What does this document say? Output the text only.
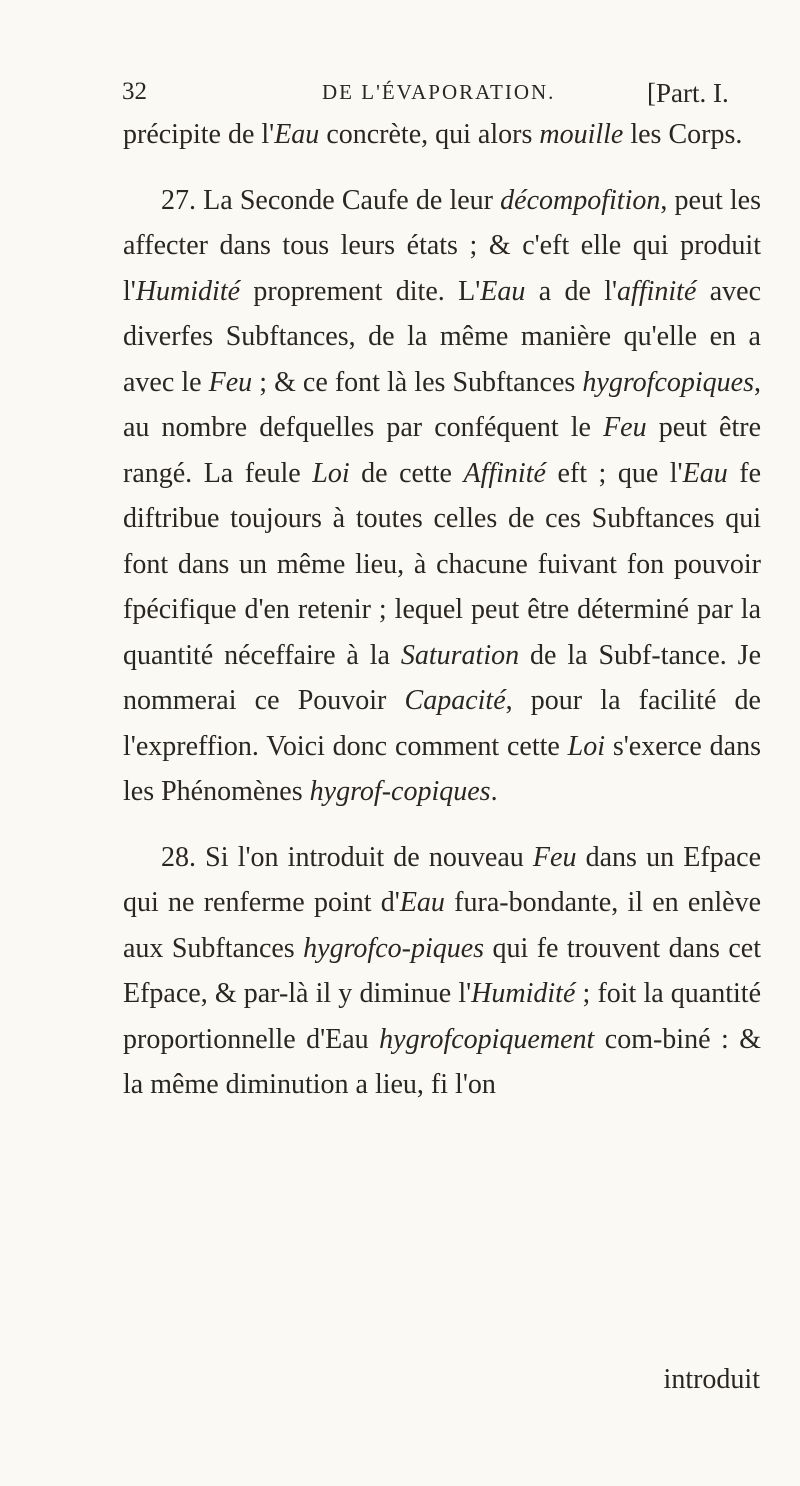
32	DE L'ÉVAPORATION.	[Part. I.

précipite de l'Eau concrète, qui alors mouille les Corps.

27. La Seconde Caufe de leur décompofition, peut les affecter dans tous leurs états ; & c'eft elle qui produit l'Humidité proprement dite. L'Eau a de l'affinité avec diverfes Subftances, de la même manière qu'elle en a avec le Feu ; & ce font là les Subftances hygrofcopiques, au nombre defquelles par conféquent le Feu peut être rangé. La feule Loi de cette Affinité eft ; que l'Eau fe diftribue toujours à toutes celles de ces Subftances qui font dans un même lieu, à chacune fuivant fon pouvoir fpécifique d'en retenir ; lequel peut être déterminé par la quantité néceffaire à la Saturation de la Subf-tance. Je nommerai ce Pouvoir Capacité, pour la facilité de l'expreffion. Voici donc comment cette Loi s'exerce dans les Phénomènes hygrof-copiques.

28. Si l'on introduit de nouveau Feu dans un Efpace qui ne renferme point d'Eau fura-bondante, il en enlève aux Subftances hygrofco-piques qui fe trouvent dans cet Efpace, & par-là il y diminue l'Humidité ; foit la quantité proportionnelle d'Eau hygrofcopiquement com-biné : & la même diminution a lieu, fi l'on

introduit
